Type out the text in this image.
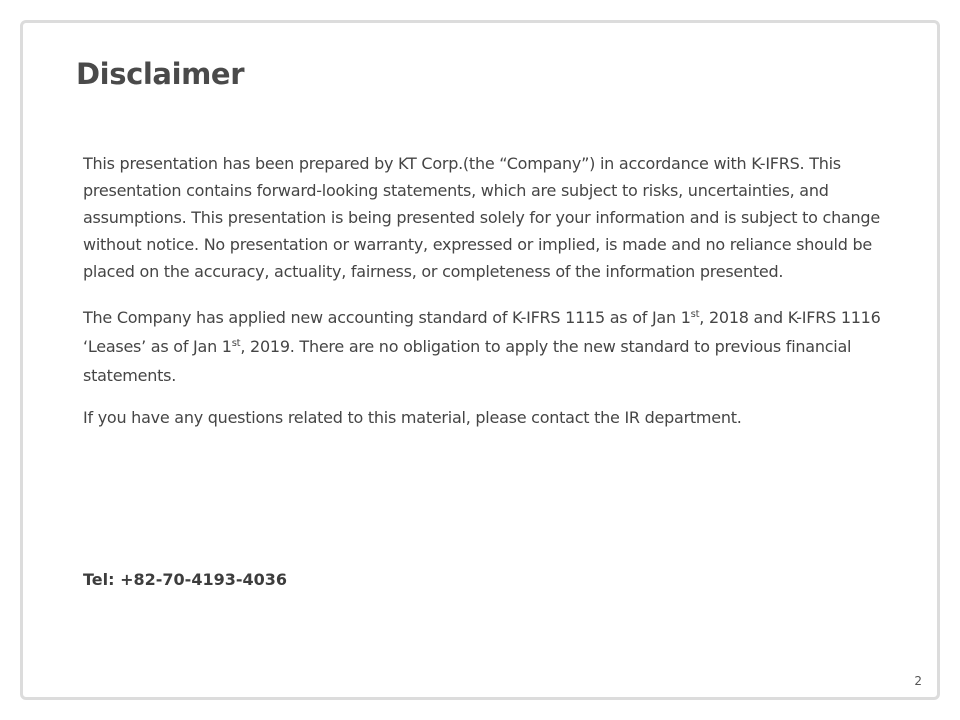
Disclaimer

This presentation has been prepared by KT Corp.(the “Company”) in accordance with K-IFRS. This presentation contains forward-looking statements, which are subject to risks, uncertainties, and assumptions. This presentation is being presented solely for your information and is subject to change without notice. No presentation or warranty, expressed or implied, is made and no reliance should be placed on the accuracy, actuality, fairness, or completeness of the information presented.

The Company has applied new accounting standard of K-IFRS 1115 as of Jan 1st, 2018 and K-IFRS 1116 ‘Leases’ as of Jan 1st, 2019. There are no obligation to apply the new standard to previous financial statements.

If you have any questions related to this material, please contact the IR department.

Tel: +82-70-4193-4036

2
